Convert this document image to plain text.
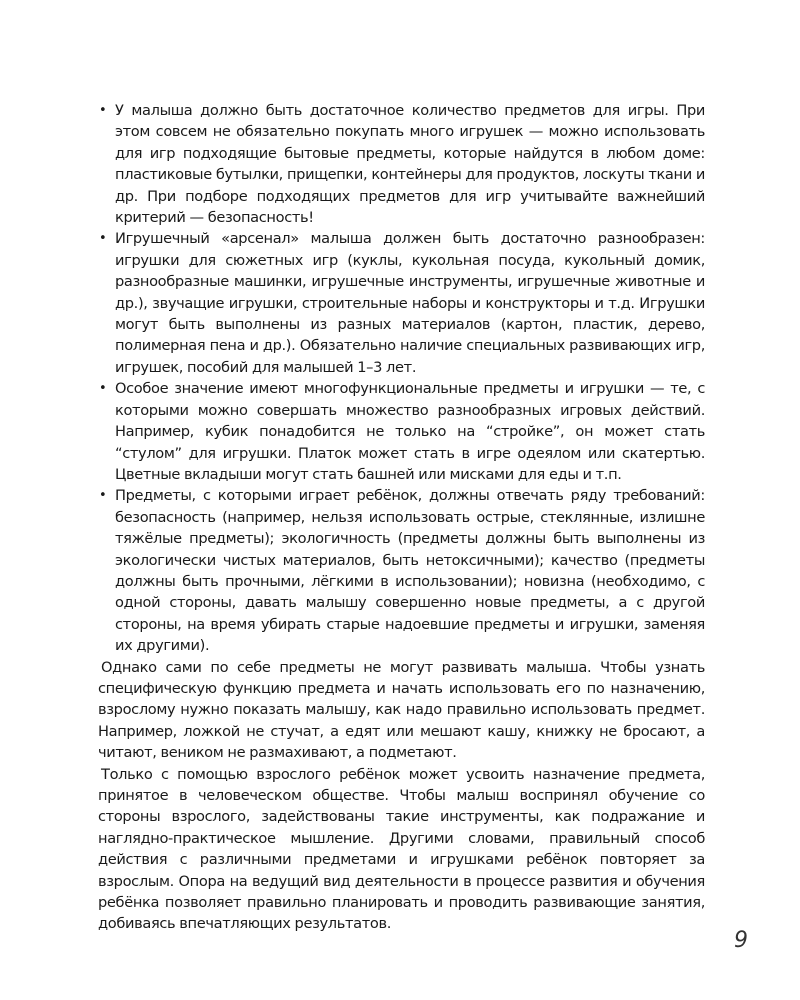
• У малыша должно быть достаточное количество предметов для игры. При этом совсем не обязательно покупать много игрушек — можно использовать для игр подходящие бытовые предметы, которые найдутся в любом доме: пластиковые бутылки, прищепки, контейнеры для продуктов, лоскуты ткани и др. При подборе подходящих предметов для игр учитывайте важнейший критерий — безопасность!
• Игрушечный «арсенал» малыша должен быть достаточно разнообразен: игрушки для сюжетных игр (куклы, кукольная посуда, кукольный домик, разнообразные машинки, игрушечные инструменты, игрушечные животные и др.), звучащие игрушки, строительные наборы и конструкторы и т.д. Игрушки могут быть выполнены из разных материалов (картон, пластик, дерево, полимерная пена и др.). Обязательно наличие специальных развивающих игр, игрушек, пособий для малышей 1–3 лет.
• Особое значение имеют многофункциональные предметы и игрушки — те, с которыми можно совершать множество разнообразных игровых действий. Например, кубик понадобится не только на “стройке”, он может стать “стулом” для игрушки. Платок может стать в игре одеялом или скатертью. Цветные вкладыши могут стать башней или мисками для еды и т.п.
• Предметы, с которыми играет ребёнок, должны отвечать ряду требований: безопасность (например, нельзя использовать острые, стеклянные, излишне тяжёлые предметы); экологичность (предметы должны быть выполнены из экологически чистых материалов, быть нетоксичными); качество (предметы должны быть прочными, лёгкими в использовании); новизна (необходимо, с одной стороны, давать малышу совершенно новые предметы, а с другой стороны, на время убирать старые надоевшие предметы и игрушки, заменяя их другими).

Однако сами по себе предметы не могут развивать малыша. Чтобы узнать специфическую функцию предмета и начать использовать его по назначению, взрослому нужно показать малышу, как надо правильно использовать предмет. Например, ложкой не стучат, а едят или мешают кашу, книжку не бросают, а читают, веником не размахивают, а подметают.

Только с помощью взрослого ребёнок может усвоить назначение предмета, принятое в человеческом обществе. Чтобы малыш воспринял обучение со стороны взрослого, задействованы такие инструменты, как подражание и наглядно-практическое мышление. Другими словами, правильный способ действия с различными предметами и игрушками ребёнок повторяет за взрослым. Опора на ведущий вид деятельности в процессе развития и обучения ребёнка позволяет правильно планировать и проводить развивающие занятия, добиваясь впечатляющих результатов.

9
